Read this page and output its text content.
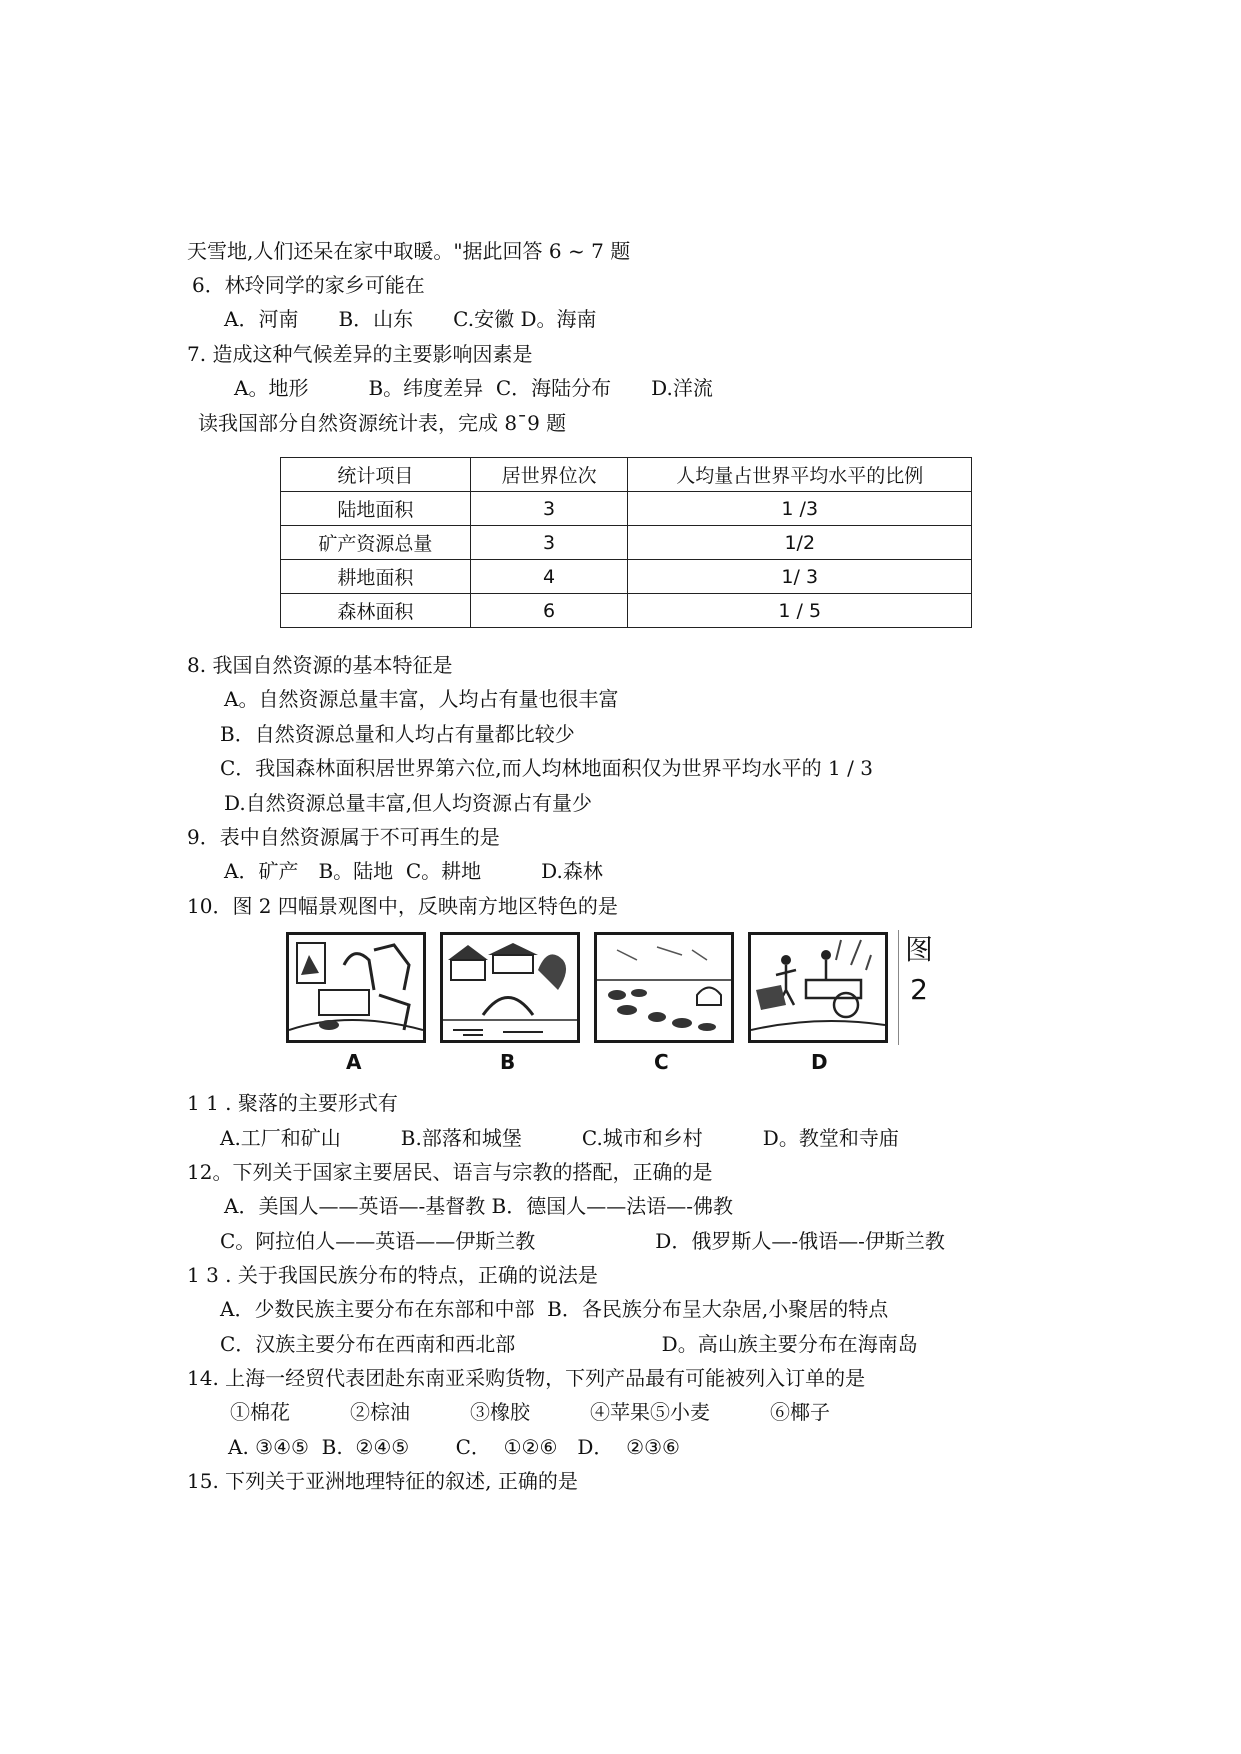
天雪地,人们还呆在家中取暖。"据此回答 6 ~ 7 题
6．林玲同学的家乡可能在
A．河南　　B．山东　　C.安徽 D。海南
7. 造成这种气候差异的主要影响因素是
A。地形　　　B。纬度差异  C．海陆分布　　D.洋流
读我国部分自然资源统计表，完成 8¯9 题
统计项目	居世界位次	人均量占世界平均水平的比例
陆地面积	3	1 /3
矿产资源总量	3	1/2
耕地面积	4	1/ 3
森林面积	6	1 / 5
8. 我国自然资源的基本特征是
A。自然资源总量丰富，人均占有量也很丰富
B．自然资源总量和人均占有量都比较少
C．我国森林面积居世界第六位,而人均林地面积仅为世界平均水平的 1 / 3
D.自然资源总量丰富,但人均资源占有量少
9．表中自然资源属于不可再生的是
A．矿产　B。陆地  C。耕地　　　D.森林
10．图 2 四幅景观图中，反映南方地区特色的是
图
2
A	B	C	D
1 1 . 聚落的主要形式有
A.工厂和矿山　　　B.部落和城堡　　　C.城市和乡村　　　D。教堂和寺庙
12。下列关于国家主要居民、语言与宗教的搭配，正确的是
A．美国人——英语—-基督教 B．德国人——法语—-佛教
C。阿拉伯人——英语——伊斯兰教　　　　　　D．俄罗斯人—-俄语—-伊斯兰教
1 3 . 关于我国民族分布的特点，正确的说法是
A．少数民族主要分布在东部和中部  B．各民族分布呈大杂居,小聚居的特点
C．汉族主要分布在西南和西北部　　　　　　　 D。高山族主要分布在海南岛
14. 上海一经贸代表团赴东南亚采购货物，下列产品最有可能被列入订单的是
①棉花　　　②棕油　　　③橡胶　　　④苹果⑤小麦　　　⑥椰子
A. ③④⑤  B.  ②④⑤　　 C．  ①②⑥　D．  ②③⑥
15. 下列关于亚洲地理特征的叙述, 正确的是
